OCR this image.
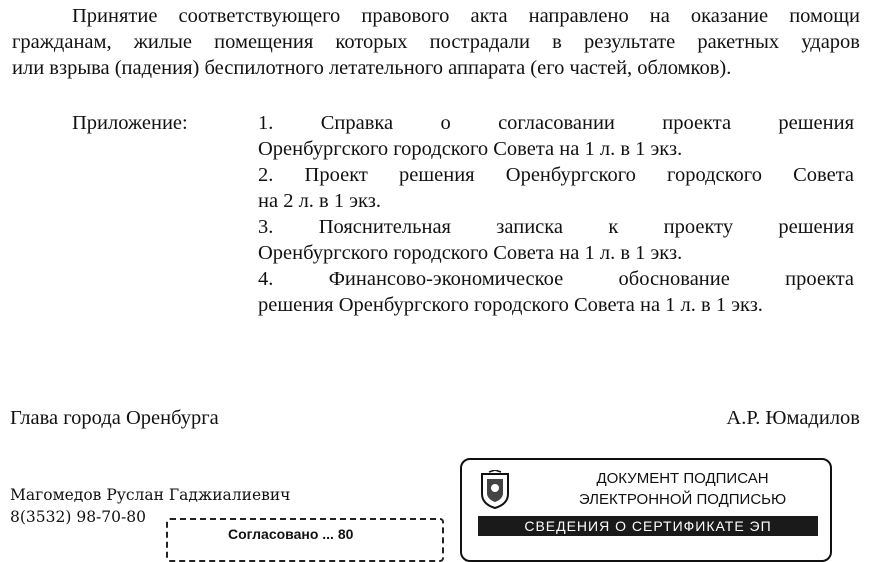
Принятие соответствующего правового акта направлено на оказание помощи
гражданам, жилые помещения которых пострадали в результате ракетных ударов
или взрыва (падения) беспилотного летательного аппарата (его частей, обломков).
Приложение:	1. Справка о согласовании проекта решения
Оренбургского городского Совета на 1 л. в 1 экз.
2. Проект решения Оренбургского городского Совета
на 2 л. в 1 экз.
3. Пояснительная записка к проекту решения
Оренбургского городского Совета на 1 л. в 1 экз.
4. Финансово-экономическое обоснование проекта
решения Оренбургского городского Совета на 1 л. в 1 экз.
Глава города Оренбурга	А.Р. Юмадилов
Магомедов Руслан Гаджиалиевич
8(3532) 98-70-80
Согласовано ... 80
ДОКУМЕНТ ПОДПИСАН
ЭЛЕКТРОННОЙ ПОДПИСЬЮ
СВЕДЕНИЯ О СЕРТИФИКАТЕ ЭП
